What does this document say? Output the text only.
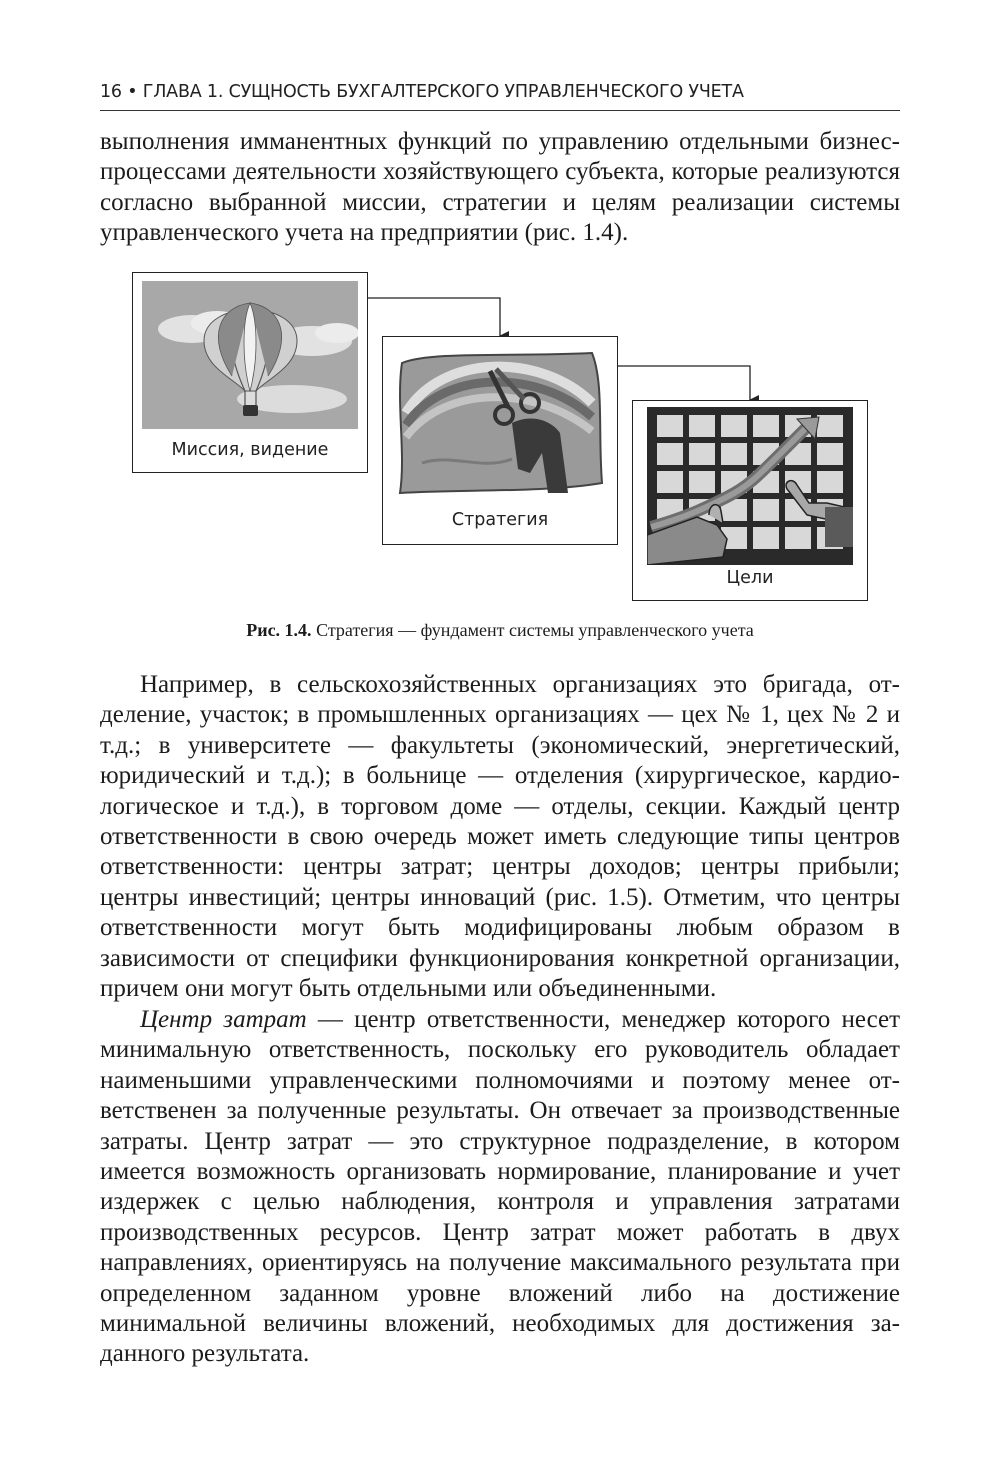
16 • ГЛАВА 1. СУЩНОСТЬ БУХГАЛТЕРСКОГО УПРАВЛЕНЧЕСКОГО УЧЕТА

выполнения имманентных функций по управлению отдельными бизнес-процессами деятельности хозяйствующего субъекта, которые реализуются согласно выбранной миссии, стратегии и целям реализации системы управленческого учета на предприятии (рис. 1.4).

Миссия, видение
Стратегия
Цели
Рис. 1.4. Стратегия — фундамент системы управленческого учета

Например, в сельскохозяйственных организациях это бригада, отделение, участок; в промышленных организациях — цех № 1, цех № 2 и т.д.; в университете — факультеты (экономический, энергетический, юридический и т.д.); в больнице — отделения (хирургическое, кардиологическое и т.д.), в торговом доме — отделы, секции. Каждый центр ответственности в свою очередь может иметь следующие типы центров ответственности: центры затрат; центры доходов; центры прибыли; центры инвестиций; центры инноваций (рис. 1.5). Отметим, что центры ответственности могут быть модифицированы любым образом в зависимости от специфики функционирования конкретной организации, причем они могут быть отдельными или объединенными.

Центр затрат — центр ответственности, менеджер которого несет минимальную ответственность, поскольку его руководитель обладает наименьшими управленческими полномочиями и поэтому менее ответственен за полученные результаты. Он отвечает за производственные затраты. Центр затрат — это структурное подразделение, в котором имеется возможность организовать нормирование, планирование и учет издержек с целью наблюдения, контроля и управления затратами производственных ресурсов. Центр затрат может работать в двух направлениях, ориентируясь на получение максимального результата при определенном заданном уровне вложений либо на достижение минимальной величины вложений, необходимых для достижения заданного результата.
